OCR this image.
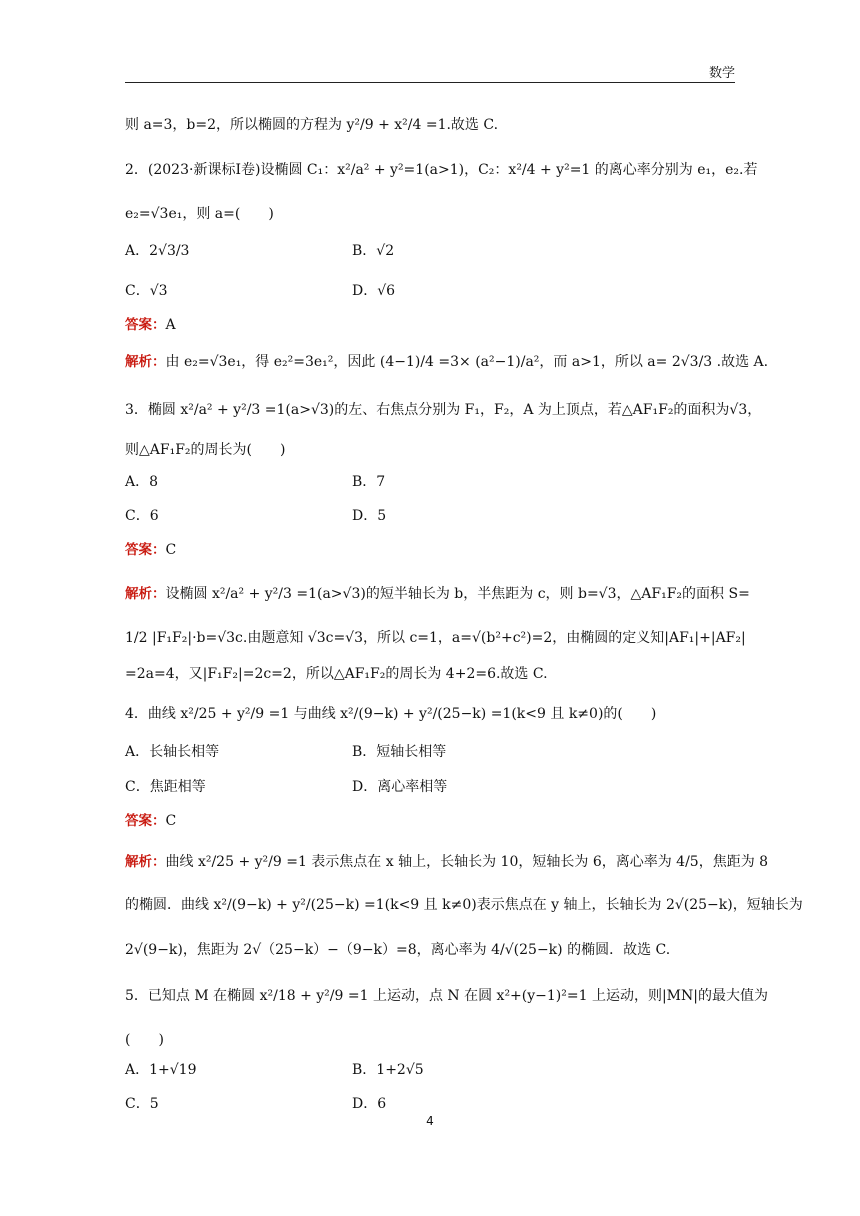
数学
则 a=3，b=2，所以椭圆的方程为 y²/9 + x²/4 =1.故选 C.
2．(2023·新课标Ⅰ卷)设椭圆 C₁：x²/a² + y²=1(a>1)，C₂：x²/4 + y²=1 的离心率分别为 e₁，e₂.若
e₂=√3e₁，则 a=(　　)
A．2√3/3	B．√2
C．√3	D．√6
答案：A
解析：由 e₂=√3e₁，得 e₂²=3e₁²，因此 (4−1)/4 =3× (a²−1)/a²，而 a>1，所以 a= 2√3/3 .故选 A.
3．椭圆 x²/a² + y²/3 =1(a>√3)的左、右焦点分别为 F₁，F₂，A 为上顶点，若△AF₁F₂的面积为√3，
则△AF₁F₂的周长为(　　)
A．8	B．7
C．6	D．5
答案：C
解析：设椭圆 x²/a² + y²/3 =1(a>√3)的短半轴长为 b，半焦距为 c，则 b=√3，△AF₁F₂的面积 S=
1/2 |F₁F₂|·b=√3c.由题意知 √3c=√3，所以 c=1，a=√(b²+c²)=2，由椭圆的定义知|AF₁|+|AF₂|
=2a=4，又|F₁F₂|=2c=2，所以△AF₁F₂的周长为 4+2=6.故选 C.
4．曲线 x²/25 + y²/9 =1 与曲线 x²/(9−k) + y²/(25−k) =1(k<9 且 k≠0)的(　　)
A．长轴长相等	B．短轴长相等
C．焦距相等	D．离心率相等
答案：C
解析：曲线 x²/25 + y²/9 =1 表示焦点在 x 轴上，长轴长为 10，短轴长为 6，离心率为 4/5，焦距为 8
的椭圆．曲线 x²/(9−k) + y²/(25−k) =1(k<9 且 k≠0)表示焦点在 y 轴上，长轴长为 2√(25−k)，短轴长为
2√(9−k)，焦距为 2√（25−k）−（9−k）=8，离心率为 4/√(25−k) 的椭圆．故选 C.
5．已知点 M 在椭圆 x²/18 + y²/9 =1 上运动，点 N 在圆 x²+(y−1)²=1 上运动，则|MN|的最大值为
(　　)
A．1+√19	B．1+2√5
C．5	D．6
4
